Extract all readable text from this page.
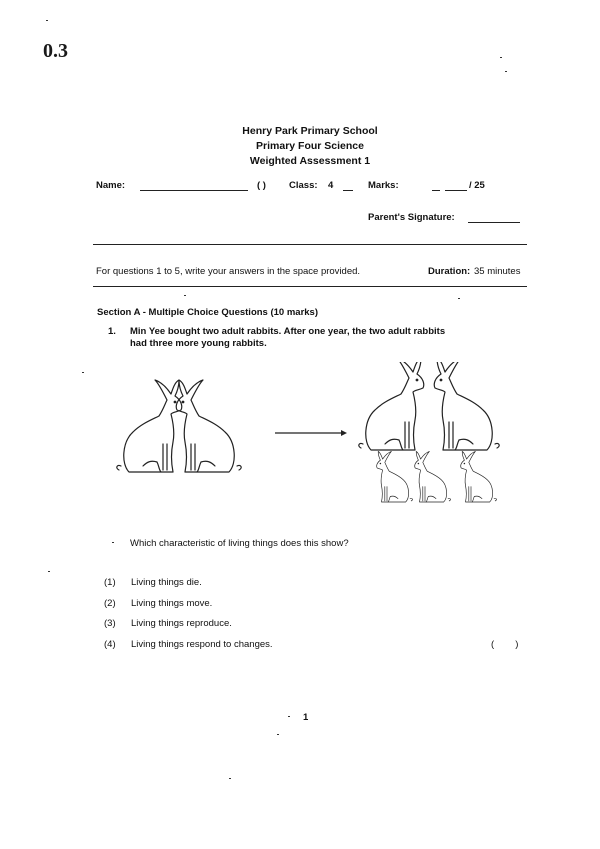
0.3
Henry Park Primary School
Primary Four Science
Weighted Assessment 1
Name:	( ) Class: 4	Marks:	/ 25
Parent's Signature:
For questions 1 to 5, write your answers in the space provided.	Duration: 35 minutes
Section A - Multiple Choice Questions (10 marks)
1. Min Yee bought two adult rabbits. After one year, the two adult rabbits
had three more young rabbits.
Which characteristic of living things does this show?
(1) Living things die.
(2) Living things move.
(3) Living things reproduce.
(4) Living things respond to changes.	(        )
1
